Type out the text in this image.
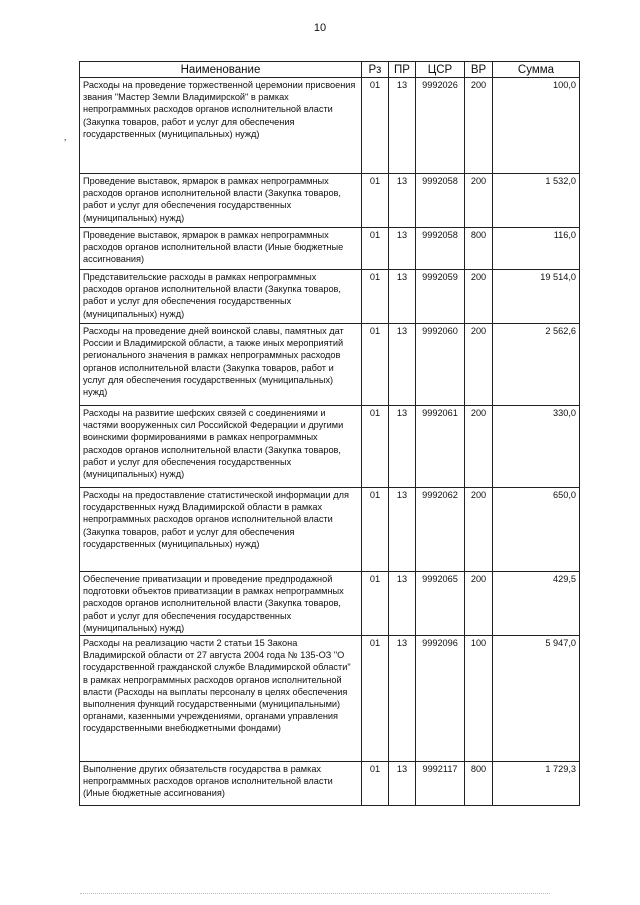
10
’
Наименование	Рз	ПР	ЦСР	ВР	Сумма
Расходы на проведение торжественной церемонии присвоения звания "Мастер Земли Владимирской" в рамках непрограммных расходов органов исполнительной власти (Закупка товаров, работ и услуг для обеспечения государственных (муниципальных) нужд)	01	13	9992026	200	100,0
Проведение выставок, ярмарок в рамках непрограммных расходов органов исполнительной власти (Закупка товаров, работ и услуг для обеспечения государственных (муниципальных) нужд)	01	13	9992058	200	1 532,0
Проведение выставок, ярмарок в рамках непрограммных расходов органов исполнительной власти (Иные бюджетные ассигнования)	01	13	9992058	800	116,0
Представительские расходы в рамках непрограммных расходов органов исполнительной власти (Закупка товаров, работ и услуг для обеспечения государственных (муниципальных) нужд)	01	13	9992059	200	19 514,0
Расходы на проведение дней воинской славы, памятных дат России и Владимирской области, а также иных мероприятий регионального значения в рамках непрограммных расходов органов исполнительной власти (Закупка товаров, работ и услуг для обеспечения государственных (муниципальных) нужд)	01	13	9992060	200	2 562,6
Расходы на развитие шефских связей с соединениями и частями вооруженных сил Российской Федерации и другими воинскими формированиями в рамках непрограммных расходов органов исполнительной власти (Закупка товаров, работ и услуг для обеспечения государственных (муниципальных) нужд)	01	13	9992061	200	330,0
Расходы на предоставление статистической информации для государственных нужд Владимирской области в рамках непрограммных расходов органов исполнительной власти (Закупка товаров, работ и услуг для обеспечения государственных (муниципальных) нужд)	01	13	9992062	200	650,0
Обеспечение приватизации и проведение предпродажной подготовки объектов приватизации в рамках непрограммных расходов органов исполнительной власти (Закупка товаров, работ и услуг для обеспечения государственных (муниципальных) нужд)	01	13	9992065	200	429,5
Расходы на реализацию части 2 статьи 15 Закона Владимирской области от 27 августа 2004 года № 135-ОЗ "О государственной гражданской службе Владимирской области" в рамках непрограммных расходов органов исполнительной власти (Расходы на выплаты персоналу в целях обеспечения выполнения функций государственными (муниципальными) органами, казенными учреждениями, органами управления государственными внебюджетными фондами)	01	13	9992096	100	5 947,0
Выполнение других обязательств государства в рамках непрограммных расходов органов исполнительной власти (Иные бюджетные ассигнования)	01	13	9992117	800	1 729,3
